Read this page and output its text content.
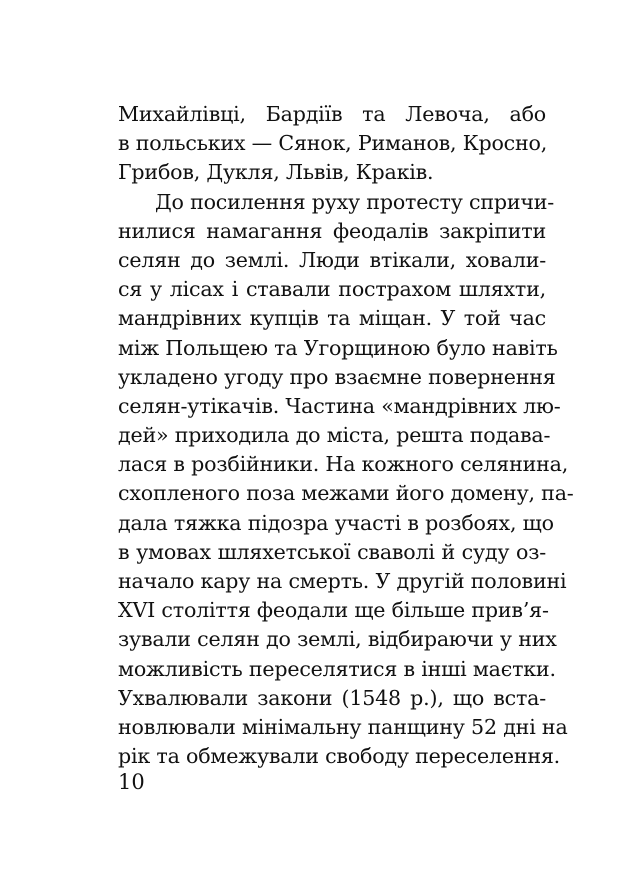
Михайлівці, Бардіїв та Левоча, або
в польських — Сянок, Риманов, Кросно,
Грибов, Дукля, Львів, Краків.
До посилення руху протесту спричи-
нилися намагання феодалів закріпити
селян до землі. Люди втікали, ховали-
ся у лісах і ставали пострахом шляхти,
мандрівних купців та міщан. У той час
між Польщею та Угорщиною було навіть
укладено угоду про взаємне повернення
селян-утікачів. Частина «мандрівних лю-
дей» приходила до міста, решта подава-
лася в розбійники. На кожного селянина,
схопленого поза межами його домену, па-
дала тяжка підозра участі в розбоях, що
в умовах шляхетської сваволі й суду оз-
начало кару на смерть. У другій половині
XVI століття феодали ще більше прив’я-
зували селян до землі, відбираючи у них
можливість переселятися в інші маєтки.
Ухвалювали закони (1548 р.), що вста-
новлювали мінімальну панщину 52 дні на
рік та обмежували свободу переселення.
10
